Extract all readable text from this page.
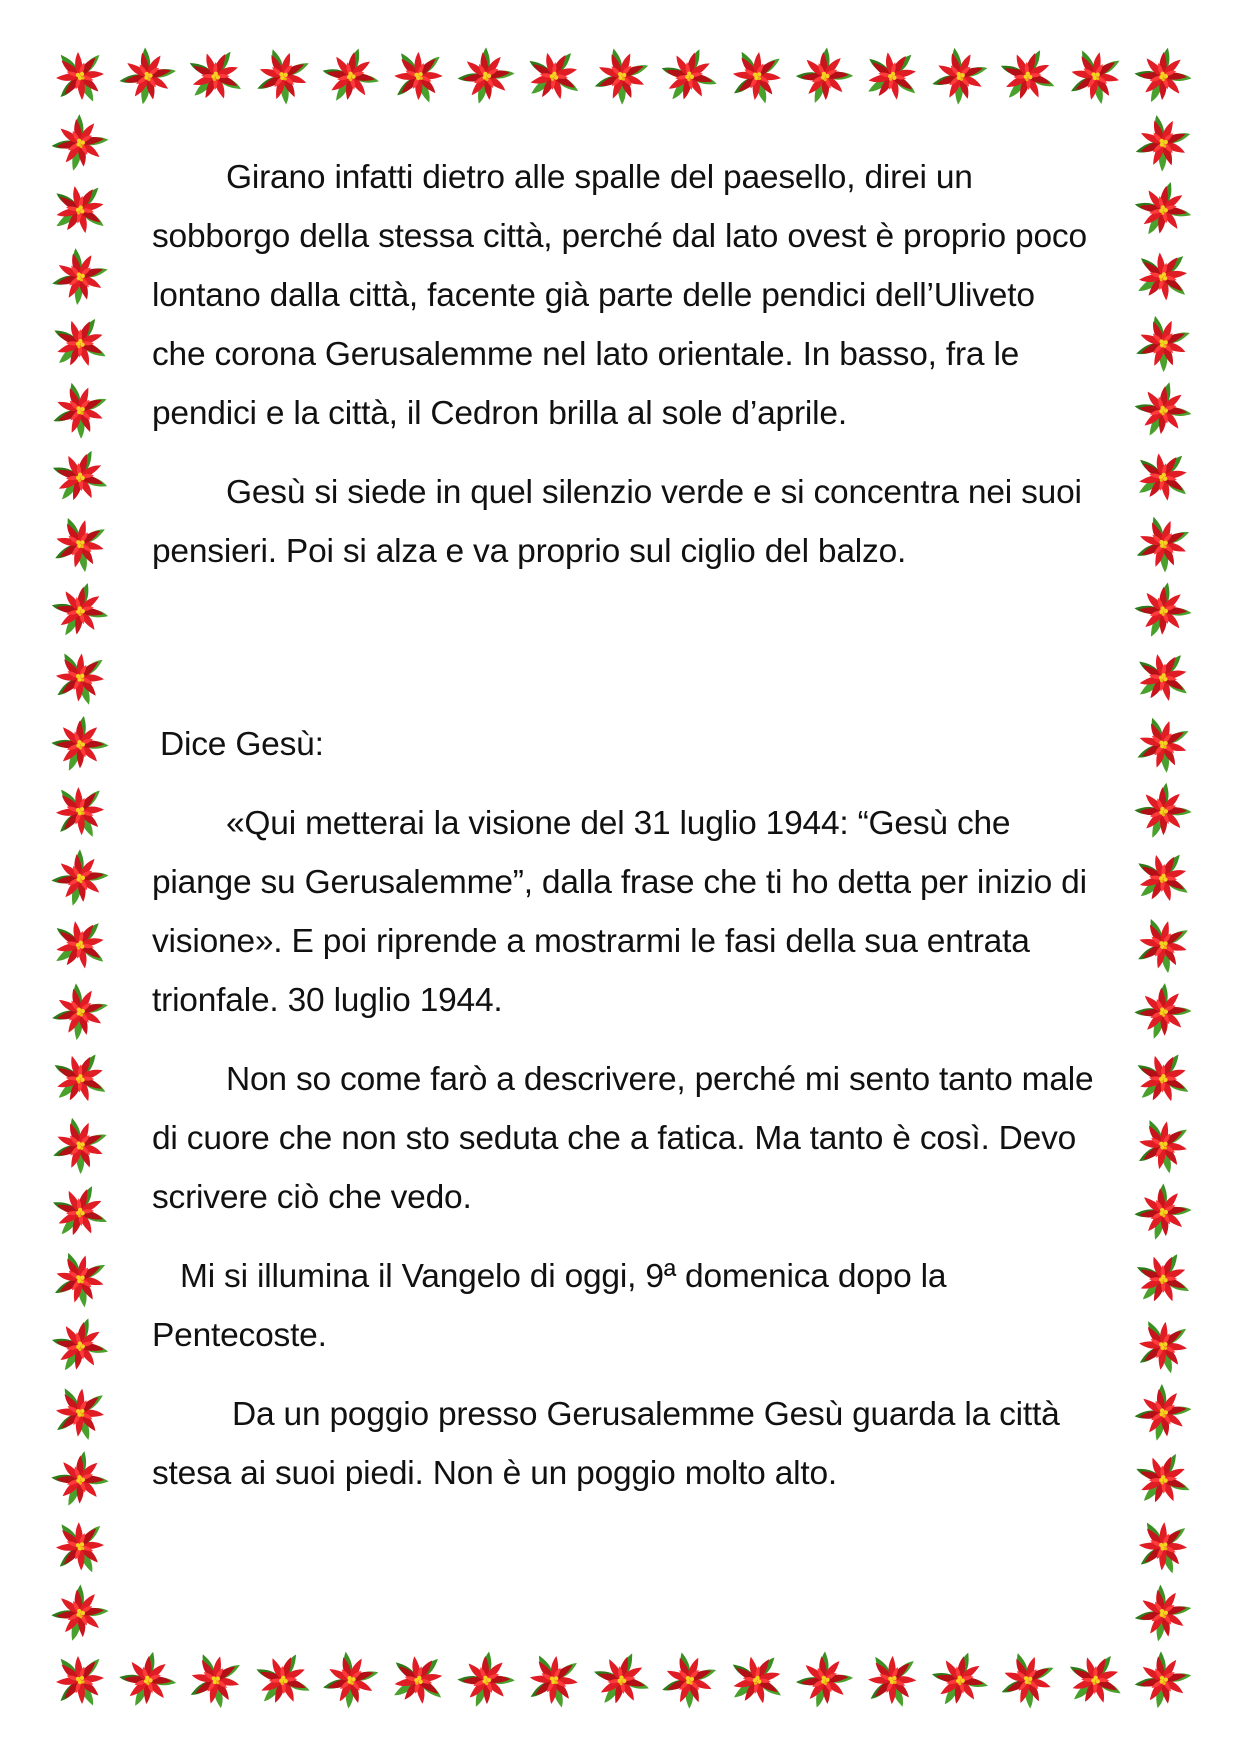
Girano infatti dietro alle spalle del paesello, direi un sobborgo della stessa città, perché dal lato ovest è proprio poco lontano dalla città, facente già parte delle pendici dell’Uliveto che corona Gerusalemme nel lato orientale. In basso, fra le pendici e la città, il Cedron brilla al sole d’aprile.

Gesù si siede in quel silenzio verde e si concentra nei suoi pensieri. Poi si alza e va proprio sul ciglio del balzo.

Dice Gesù:

«Qui metterai la visione del 31 luglio 1944: “Gesù che piange su Gerusalemme”, dalla frase che ti ho detta per inizio di visione». E poi riprende a mostrarmi le fasi della sua entrata trionfale. 30 luglio 1944.

Non so come farò a descrivere, perché mi sento tanto male di cuore che non sto seduta che a fatica. Ma tanto è così. Devo scrivere ciò che vedo.

Mi si illumina il Vangelo di oggi, 9ª domenica dopo la Pentecoste.

Da un poggio presso Gerusalemme Gesù guarda la città stesa ai suoi piedi. Non è un poggio molto alto.
